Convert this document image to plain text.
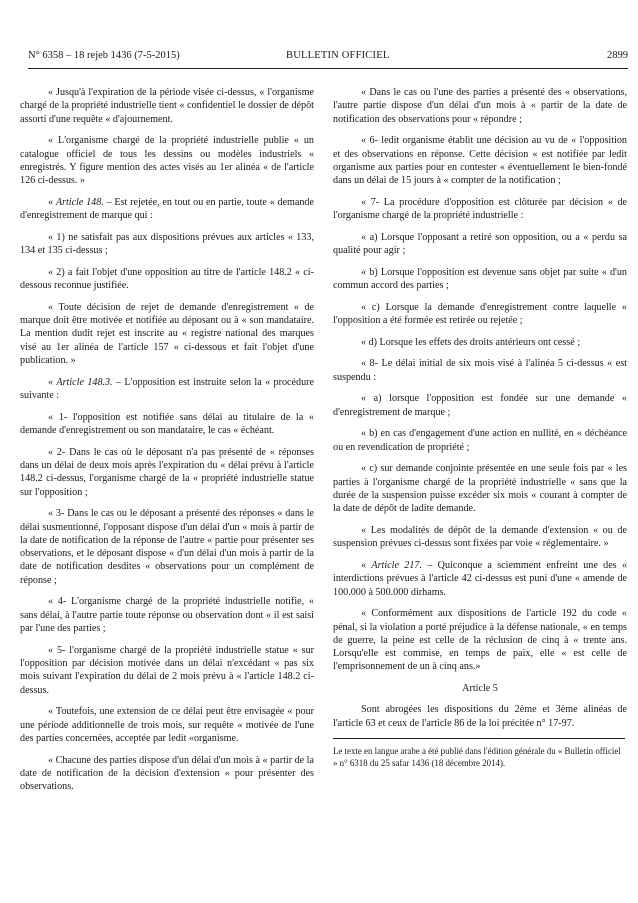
N° 6358 – 18 rejeb 1436 (7-5-2015)	BULLETIN OFFICIEL	2899

« Jusqu'à l'expiration de la période visée ci-dessus, « l'organisme chargé de la propriété industrielle tient « confidentiel le dossier de dépôt assorti d'une requête « d'ajournement.

« L'organisme chargé de la propriété industrielle publie « un catalogue officiel de tous les dessins ou modèles industriels « enregistrés. Y figure mention des actes visés au 1er alinéa « de l'article 126 ci-dessus. »

« Article 148. – Est rejetée, en tout ou en partie, toute « demande d'enregistrement de marque qui :

« 1) ne satisfait pas aux dispositions prévues aux articles « 133, 134 et 135 ci-dessus ;

« 2) a fait l'objet d'une opposition au titre de l'article 148.2 « ci-dessous reconnue justifiée.

« Toute décision de rejet de demande d'enregistrement « de marque doit être motivée et notifiée au déposant ou à « son mandataire. La mention dudit rejet est inscrite au « registre national des marques visé au 1er alinéa de l'article 157 « ci-dessous et fait l'objet d'une publication. »

« Article 148.3. – L'opposition est instruite selon la « procédure suivante :

« 1- l'opposition est notifiée sans délai au titulaire de la « demande d'enregistrement ou son mandataire, le cas « échéant.

« 2- Dans le cas où le déposant n'a pas présenté de « réponses dans un délai de deux mois après l'expiration du « délai prévu à l'article 148.2 ci-dessus, l'organisme chargé de la « propriété industrielle statue sur l'opposition ;

« 3- Dans le cas ou le déposant a présenté des réponses « dans le délai susmentionné, l'opposant dispose d'un délai d'un « mois à partir de la date de notification de la réponse de l'autre « partie pour présenter ses observations, et le déposant dispose « d'un délai d'un mois à partir de la date de notification desdites « observations pour un complément de réponse ;

« 4- L'organisme chargé de la propriété industrielle notifie, « sans délai, à l'autre partie toute réponse ou observation dont « il est saisi par l'une des parties ;

« 5- l'organisme chargé de la propriété industrielle statue « sur l'opposition par décision motivée dans un délai n'excédant « pas six mois suivant l'expiration du délai de 2 mois prévu à « l'article 148.2 ci-dessus.

« Toutefois, une extension de ce délai peut être envisagée « pour une période additionnelle de trois mois, sur requête « motivée de l'une des parties concernées, acceptée par ledit «organisme.

« Chacune des parties dispose d'un délai d'un mois à « partir de la date de notification de la décision d'extension « pour présenter des observations.

« Dans le cas ou l'une des parties a présenté des « observations, l'autre partie dispose d'un délai d'un mois à « partir de la date de notification des observations pour « répondre ;

« 6- ledit organisme établit une décision au vu de « l'opposition et des observations en réponse. Cette décision « est notifiée par ledit organisme aux parties pour en contester « éventuellement le bien-fondé dans un délai de 15 jours à « compter de la notification ;

« 7- La procédure d'opposition est clôturée par décision « de l'organisme chargé de la propriété industrielle :

« a) Lorsque l'opposant a retiré son opposition, ou a « perdu sa qualité pour agir ;

« b) Lorsque l'opposition est devenue sans objet par suite « d'un commun accord des parties ;

« c) Lorsque la demande d'enregistrement contre laquelle « l'opposition a été formée est retirée ou rejetée ;

« d) Lorsque les effets des droits antérieurs ont cessé ;

« 8- Le délai initial de six mois visé à l'alinéa 5 ci-dessus « est suspendu :

« a) lorsque l'opposition est fondée sur une demande « d'enregistrement de marque ;

« b) en cas d'engagement d'une action en nullité, en « déchéance ou en revendication de propriété ;

« c) sur demande conjointe présentée en une seule fois par « les parties à l'organisme chargé de la propriété industrielle « sans que la durée de la suspension puisse excéder six mois « courant à compter de la date de dépôt de ladite demande.

« Les modalités de dépôt de la demande d'extension « ou de suspension prévues ci-dessus sont fixées par voie « réglementaire. »

« Article 217. – Quiconque a sciemment enfreint une des « interdictions prévues à l'article 42 ci-dessus est puni d'une « amende de 100.000 à 500.000 dirhams.

« Conformément aux dispositions de l'article 192 du code « pénal, si la violation a porté préjudice à la défense nationale, « en temps de guerre, la peine est celle de la réclusion de cinq à « trente ans. Lorsqu'elle est commise, en temps de paix, elle « est celle de l'emprisonnement de un à cinq ans.»

Article 5

Sont abrogées les dispositions du 2ème et 3ème alinéas de l'article 63 et ceux de l'article 86 de la loi précitée n° 17-97.

Le texte en langue arabe a été publié dans l'édition générale du « Bulletin officiel » n° 6318 du 25 safar 1436 (18 décembre 2014).
